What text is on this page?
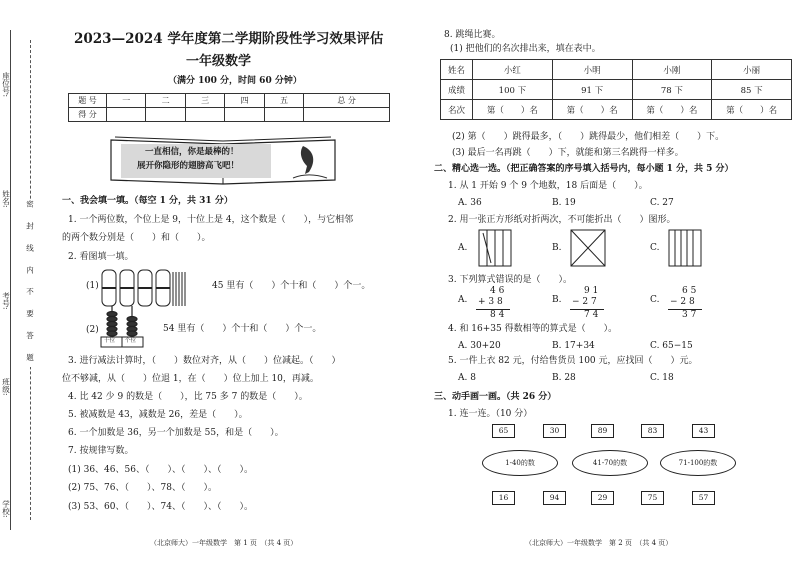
学校:
班级:
考号:
姓名:
座位号:
密 封 线 内 不 要 答 题
2023—2024 学年度第二学期阶段性学习效果评估
一年级数学
（满分 100 分，时间 60 分钟）
题 号	一	二	三	四	五	总 分
得 分						
一直相信，你是最棒的！
展开你隐形的翅膀高飞吧！
一、我会填一填。（每空 1 分，共 31 分）
1. 一个两位数，个位上是 9，十位上是 4，这个数是（　　），与它相邻
的两个数分别是（　　）和（　　）。
2. 看图填一填。
(1)	45 里有（　　）个十和（　　）个一。
(2)
十位 个位
54 里有（　　）个十和（　　）个一。
3. 进行减法计算时，（　　）数位对齐，从（　　）位减起。（　　）
位不够减，从（　　）位退 1，在（　　）位上加上 10，再减。
4. 比 42 少 9 的数是（　　），比 75 多 7 的数是（　　）。
5. 被减数是 43，减数是 26，差是（　　）。
6. 一个加数是 36，另一个加数是 55，和是（　　）。
7. 按规律写数。
(1) 36、46、56、（　　）、（　　）、（　　）。
(2) 75、76、（　　）、78、（　　）。
(3) 53、60、（　　）、74、（　　）、（　　）。
（北京师大）一年级数学　第 1 页　（共 4 页）
8. 跳绳比赛。
(1) 把他们的名次排出来，填在表中。
姓名	小红	小明	小刚	小丽
成绩	100 下	91 下	78 下	85 下
名次	第（　　）名	第（　　）名	第（　　）名	第（　　）名
(2) 第（　　）跳得最多，（　　）跳得最少，他们相差（　　）下。
(3) 最后一名再跳（　　）下，就能和第三名跳得一样多。
二、精心选一选。（把正确答案的序号填入括号内，每小题 1 分，共 5 分）
1. 从 1 开始 9 个 9 个地数，18 后面是（　　）。
A. 36	B. 19	C. 27
2. 用一张正方形纸对折两次，不可能折出（　　）图形。
A.	B.	C.
3. 下列算式错误的是（　　）。
A.
4 6
+ 3 8
8 4
B.
9 1
− 2 7
7 4
C.
6 5
− 2 8
3 7
4. 和 16+35 得数相等的算式是（　　）。
A. 30+20	B. 17+34	C. 65−15
5. 一件上衣 82 元，付给售货员 100 元，应找回（　　）元。
A. 8	B. 28	C. 18
三、动手画一画。（共 26 分）
1. 连一连。（10 分）
65	30	89	83	43
1-40的数	41-70的数	71-100的数
16	94	29	75	57
（北京师大）一年级数学　第 2 页　（共 4 页）
